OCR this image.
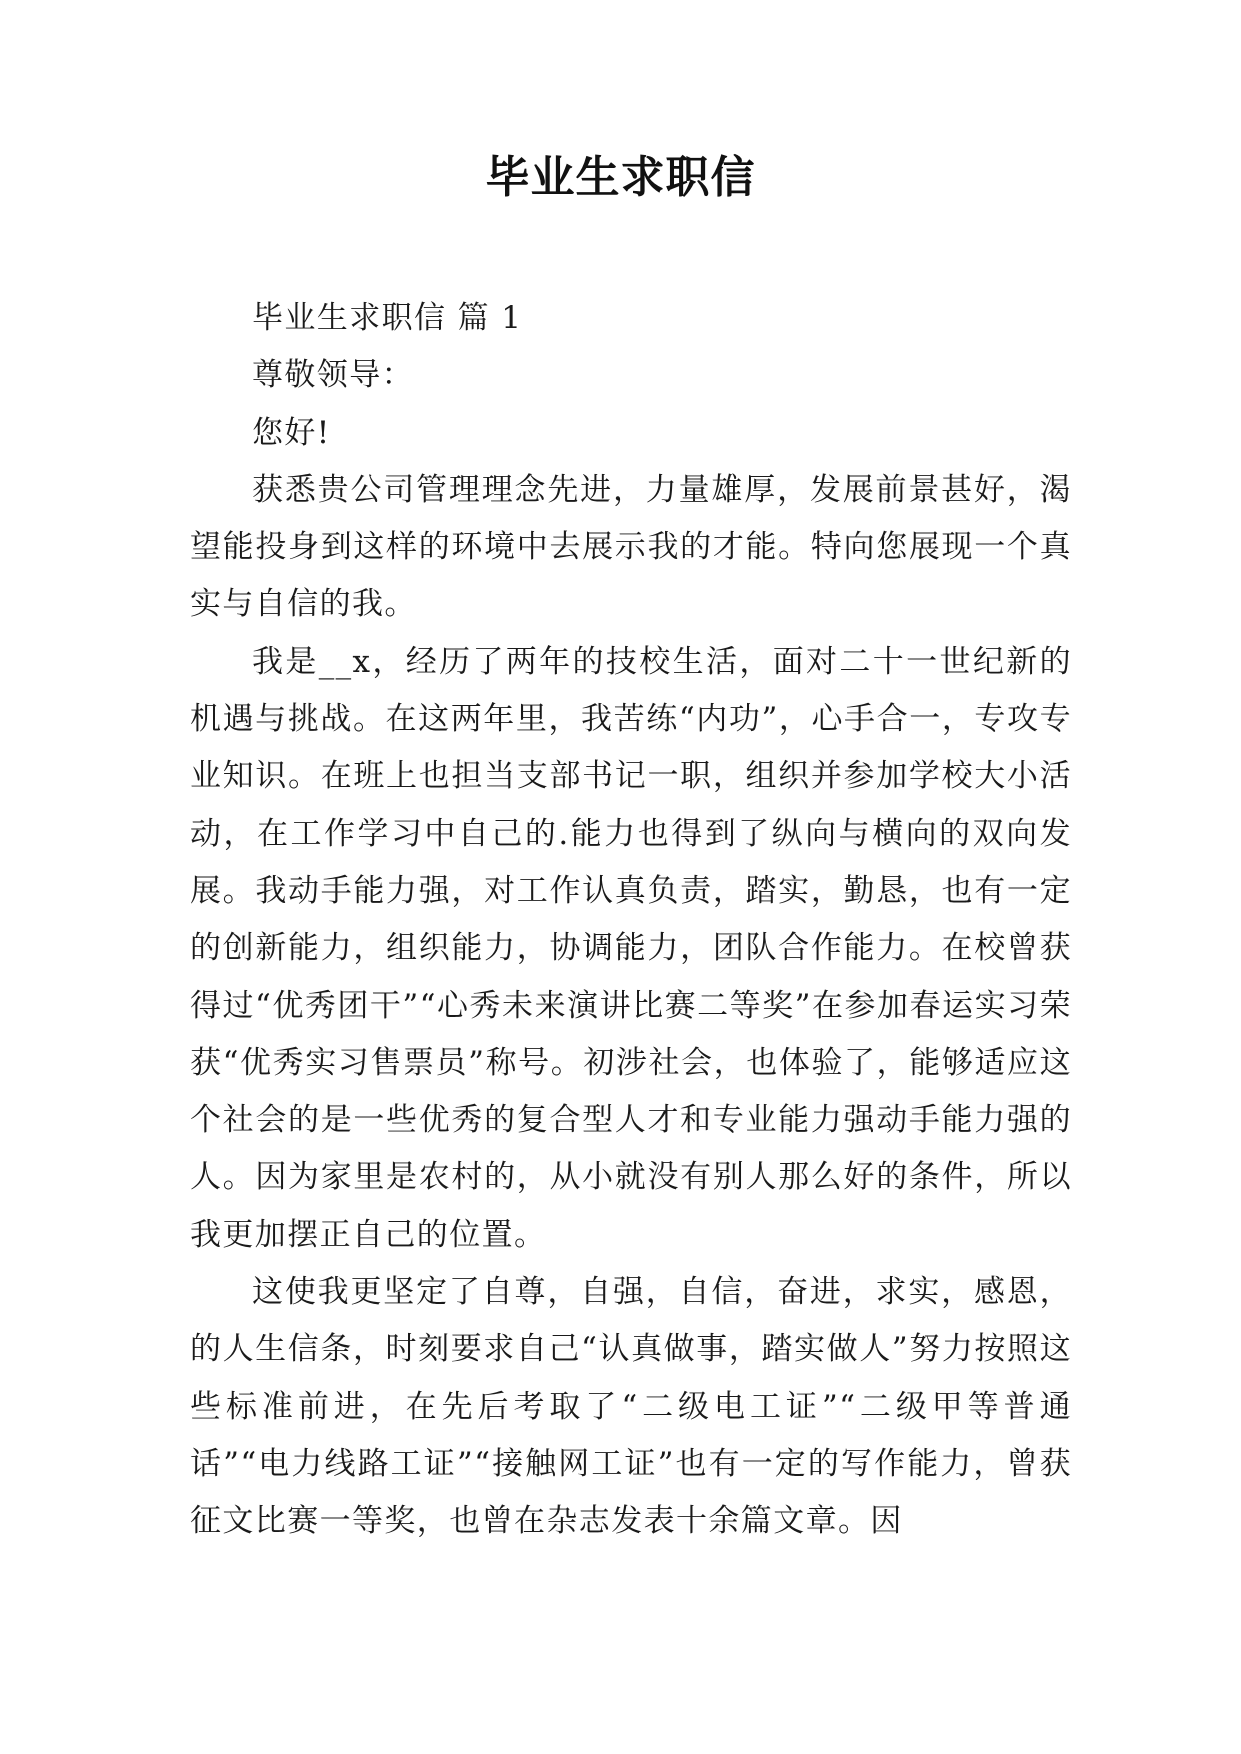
毕业生求职信

毕业生求职信 篇 1

尊敬领导：

您好!

获悉贵公司管理理念先进，力量雄厚，发展前景甚好，渴望能投身到这样的环境中去展示我的才能。特向您展现一个真实与自信的我。

我是__x，经历了两年的技校生活，面对二十一世纪新的机遇与挑战。在这两年里，我苦练“内功”，心手合一，专攻专业知识。在班上也担当支部书记一职，组织并参加学校大小活动，在工作学习中自己的.能力也得到了纵向与横向的双向发展。我动手能力强，对工作认真负责，踏实，勤恳，也有一定的创新能力，组织能力，协调能力，团队合作能力。在校曾获得过“优秀团干”“心秀未来演讲比赛二等奖”在参加春运实习荣获“优秀实习售票员”称号。初涉社会，也体验了，能够适应这个社会的是一些优秀的复合型人才和专业能力强动手能力强的人。因为家里是农村的，从小就没有别人那么好的条件，所以我更加摆正自己的位置。

这使我更坚定了自尊，自强，自信，奋进，求实，感恩，的人生信条，时刻要求自己“认真做事，踏实做人”努力按照这些标准前进，在先后考取了“二级电工证”“二级甲等普通话”“电力线路工证”“接触网工证”也有一定的写作能力，曾获征文比赛一等奖，也曾在杂志发表十余篇文章。因
